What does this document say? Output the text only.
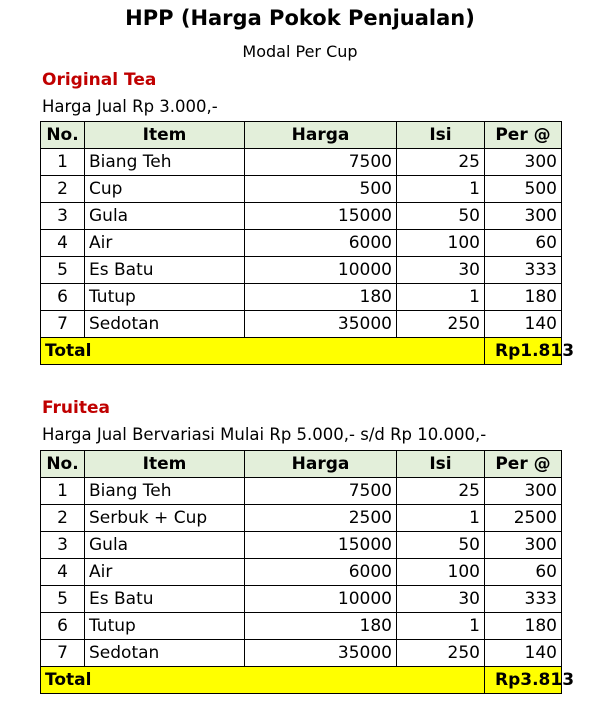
HPP (Harga Pokok Penjualan)
Modal Per Cup
Original Tea
Harga Jual Rp 3.000,-
No.	Item	Harga	Isi	Per @
1	Biang Teh	7500	25	300
2	Cup	500	1	500
3	Gula	15000	50	300
4	Air	6000	100	60
5	Es Batu	10000	30	333
6	Tutup	180	1	180
7	Sedotan	35000	250	140
Total				Rp 1.813
Fruitea
Harga Jual Bervariasi Mulai Rp 5.000,- s/d Rp 10.000,-
No.	Item	Harga	Isi	Per @
1	Biang Teh	7500	25	300
2	Serbuk + Cup	2500	1	2500
3	Gula	15000	50	300
4	Air	6000	100	60
5	Es Batu	10000	30	333
6	Tutup	180	1	180
7	Sedotan	35000	250	140
Total				Rp 3.813
